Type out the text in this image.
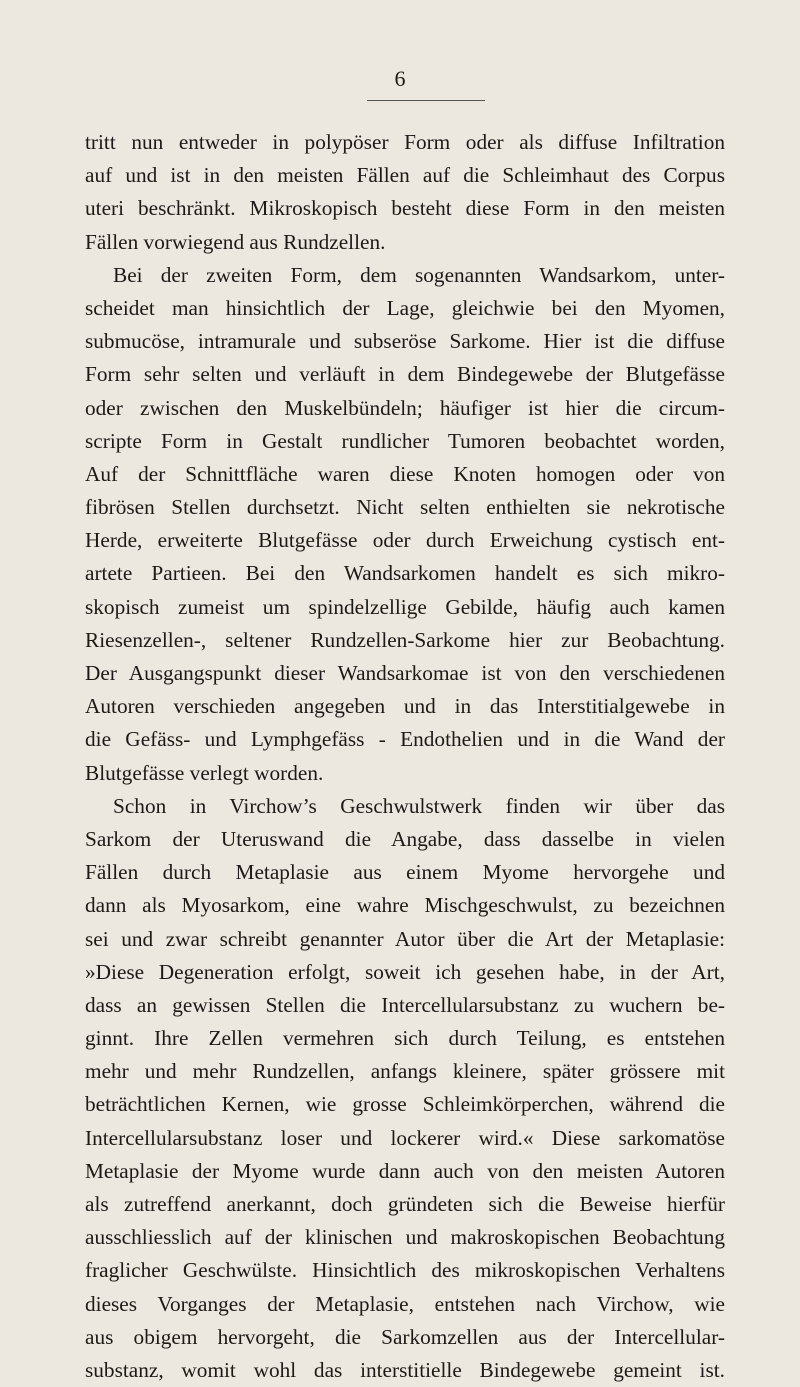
6
tritt nun entweder in polypöser Form oder als diffuse Infiltration
auf und ist in den meisten Fällen auf die Schleimhaut des Corpus
uteri beschränkt. Mikroskopisch besteht diese Form in den meisten
Fällen vorwiegend aus Rundzellen.
Bei der zweiten Form, dem sogenannten Wandsarkom, unter-
scheidet man hinsichtlich der Lage, gleichwie bei den Myomen,
submucöse, intramurale und subseröse Sarkome. Hier ist die diffuse
Form sehr selten und verläuft in dem Bindegewebe der Blutgefässe
oder zwischen den Muskelbündeln; häufiger ist hier die circum-
scripte Form in Gestalt rundlicher Tumoren beobachtet worden,
Auf der Schnittfläche waren diese Knoten homogen oder von
fibrösen Stellen durchsetzt. Nicht selten enthielten sie nekrotische
Herde, erweiterte Blutgefässe oder durch Erweichung cystisch ent-
artete Partieen. Bei den Wandsarkomen handelt es sich mikro-
skopisch zumeist um spindelzellige Gebilde, häufig auch kamen
Riesenzellen-, seltener Rundzellen-Sarkome hier zur Beobachtung.
Der Ausgangspunkt dieser Wandsarkomae ist von den verschiedenen
Autoren verschieden angegeben und in das Interstitialgewebe in
die Gefäss- und Lymphgefäss - Endothelien und in die Wand der
Blutgefässe verlegt worden.
Schon in Virchow’s Geschwulstwerk finden wir über das
Sarkom der Uteruswand die Angabe, dass dasselbe in vielen
Fällen durch Metaplasie aus einem Myome hervorgehe und
dann als Myosarkom, eine wahre Mischgeschwulst, zu bezeichnen
sei und zwar schreibt genannter Autor über die Art der Metaplasie:
»Diese Degeneration erfolgt, soweit ich gesehen habe, in der Art,
dass an gewissen Stellen die Intercellularsubstanz zu wuchern be-
ginnt. Ihre Zellen vermehren sich durch Teilung, es entstehen
mehr und mehr Rundzellen, anfangs kleinere, später grössere mit
beträchtlichen Kernen, wie grosse Schleimkörperchen, während die
Intercellularsubstanz loser und lockerer wird.« Diese sarkomatöse
Metaplasie der Myome wurde dann auch von den meisten Autoren
als zutreffend anerkannt, doch gründeten sich die Beweise hierfür
ausschliesslich auf der klinischen und makroskopischen Beobachtung
fraglicher Geschwülste. Hinsichtlich des mikroskopischen Verhaltens
dieses Vorganges der Metaplasie, entstehen nach Virchow, wie
aus obigem hervorgeht, die Sarkomzellen aus der Intercellular-
substanz, womit wohl das interstitielle Bindegewebe gemeint ist.
